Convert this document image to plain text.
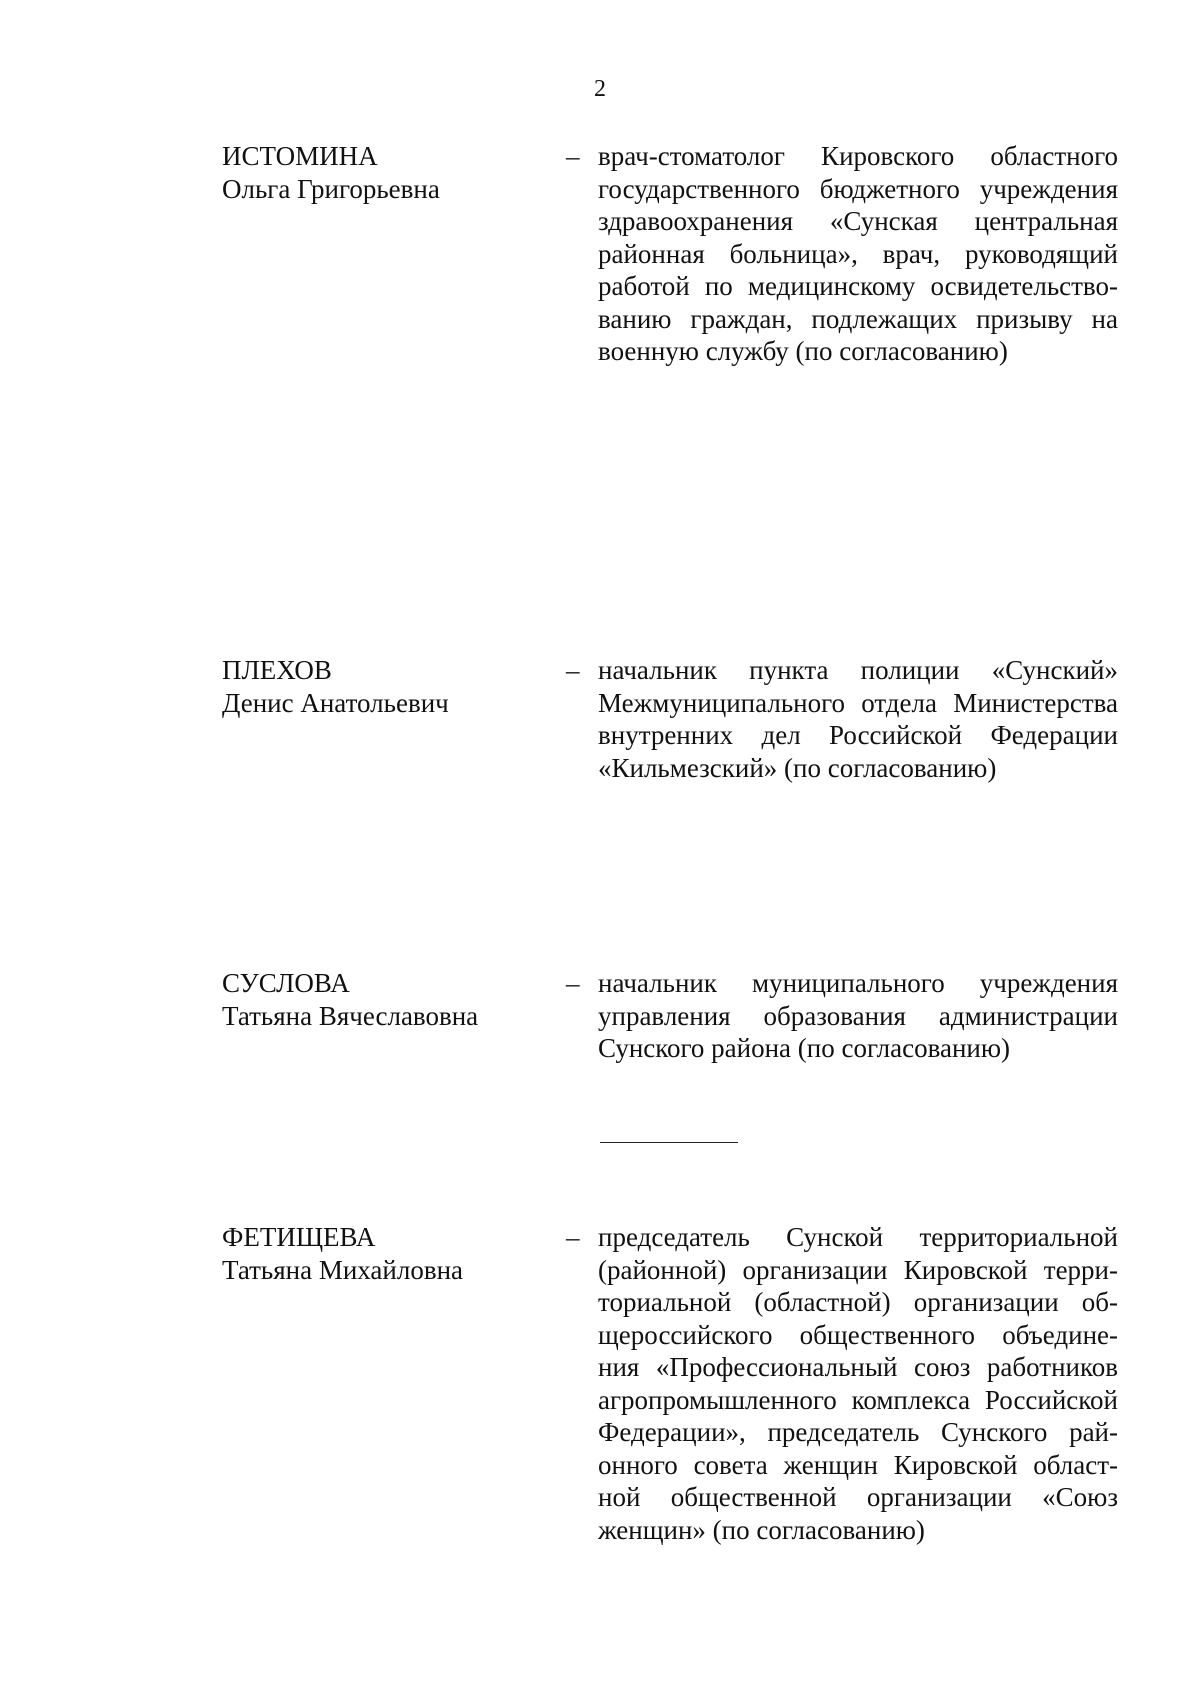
2
ИСТОМИНА
Ольга Григорьевна
– врач-стоматолог Кировского областного
государственного бюджетного учреждения
здравоохранения «Сунская центральная
районная больница», врач, руководящий
работой по медицинскому освидетельство-
ванию граждан, подлежащих призыву на
военную службу (по согласованию)
ПЛЕХОВ
Денис Анатольевич
– начальник пункта полиции «Сунский»
Межмуниципального отдела Министерства
внутренних дел Российской Федерации
«Кильмезский» (по согласованию)
СУСЛОВА
Татьяна Вячеславовна
– начальник муниципального учреждения
управления образования администрации
Сунского района (по согласованию)
ФЕТИЩЕВА
Татьяна Михайловна
– председатель Сунской территориальной
(районной) организации Кировской терри-
ториальной (областной) организации об-
щероссийского общественного объедине-
ния «Профессиональный союз работников
агропромышленного комплекса Российской
Федерации», председатель Сунского рай-
онного совета женщин Кировской област-
ной общественной организации «Союз
женщин» (по согласованию)
